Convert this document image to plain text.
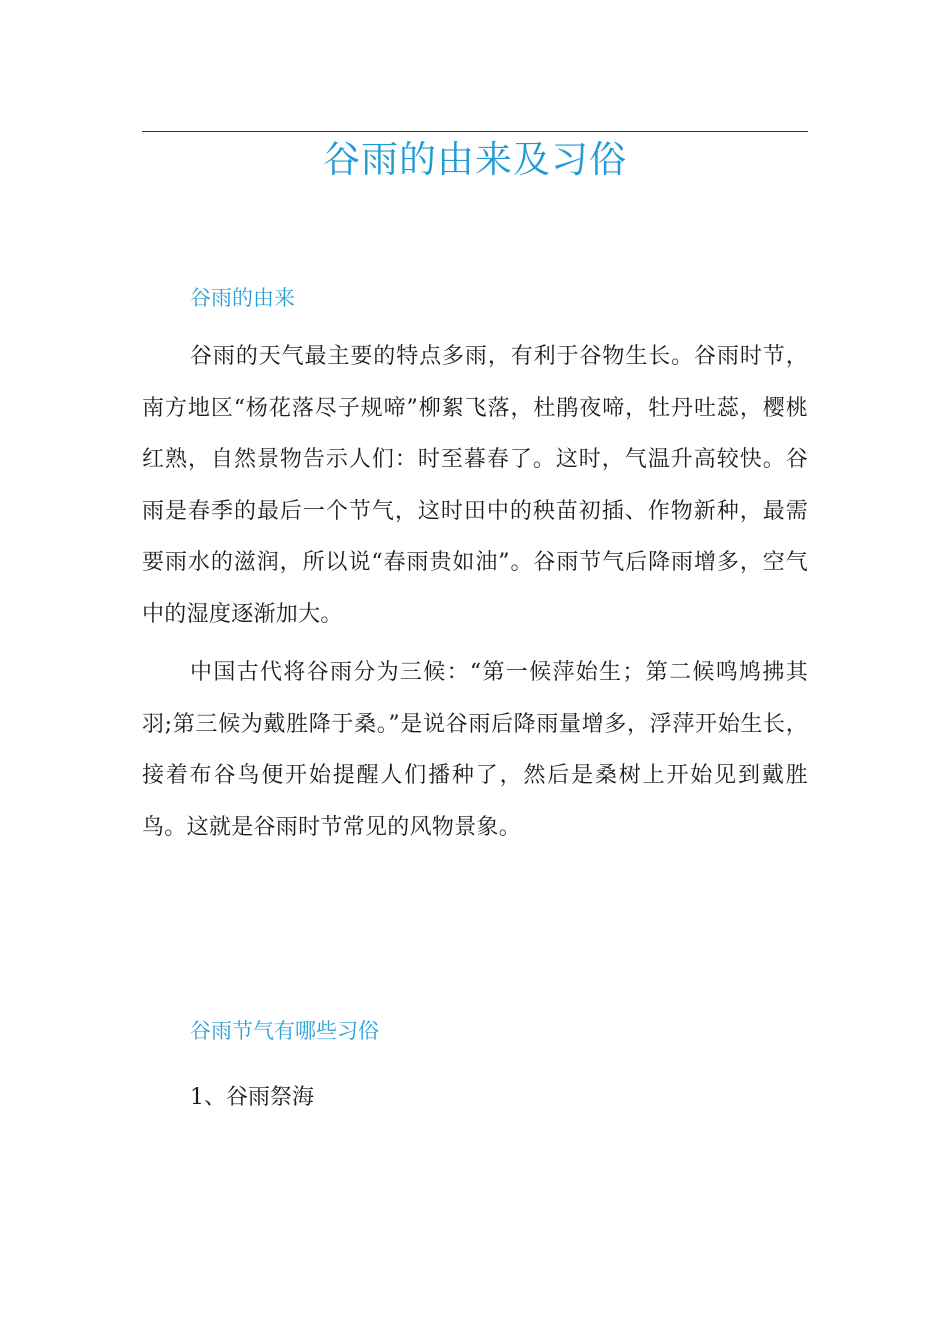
谷雨的由来及习俗
谷雨的由来

谷雨的天气最主要的特点多雨，有利于谷物生长。谷雨时节，南方地区“杨花落尽子规啼”柳絮飞落，杜鹃夜啼，牡丹吐蕊，樱桃红熟，自然景物告示人们：时至暮春了。这时，气温升高较快。谷雨是春季的最后一个节气，这时田中的秧苗初插、作物新种，最需要雨水的滋润，所以说“春雨贵如油”。谷雨节气后降雨增多，空气中的湿度逐渐加大。

中国古代将谷雨分为三候：“第一候萍始生；第二候鸣鸠拂其羽;第三候为戴胜降于桑。”是说谷雨后降雨量增多，浮萍开始生长，接着布谷鸟便开始提醒人们播种了，然后是桑树上开始见到戴胜鸟。这就是谷雨时节常见的风物景象。

谷雨节气有哪些习俗

1、谷雨祭海
